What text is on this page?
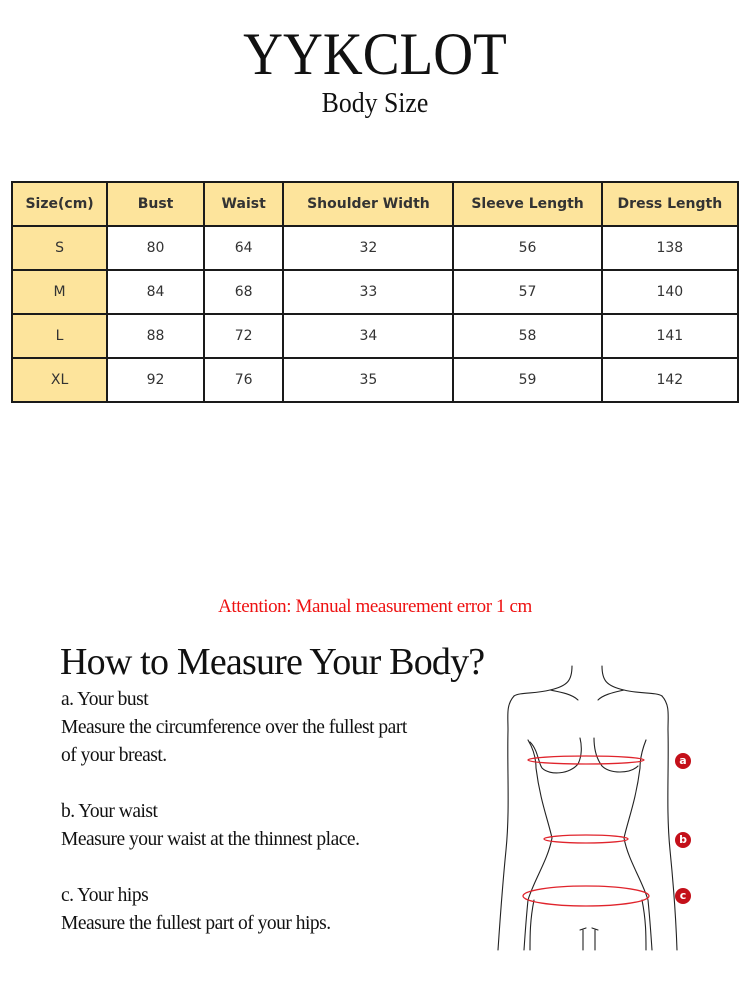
YYKCLOT
Body Size
Size(cm)	Bust	Waist	Shoulder Width	Sleeve Length	Dress Length
S	80	64	32	56	138
M	84	68	33	57	140
L	88	72	34	58	141
XL	92	76	35	59	142
Attention: Manual measurement error 1 cm
How to Measure Your Body?

a. Your bust

Measure the circumference over the fullest part

of your breast.

b. Your waist

Measure your waist at the thinnest place.

c. Your hips

Measure the fullest part of your hips.

a
b
c
